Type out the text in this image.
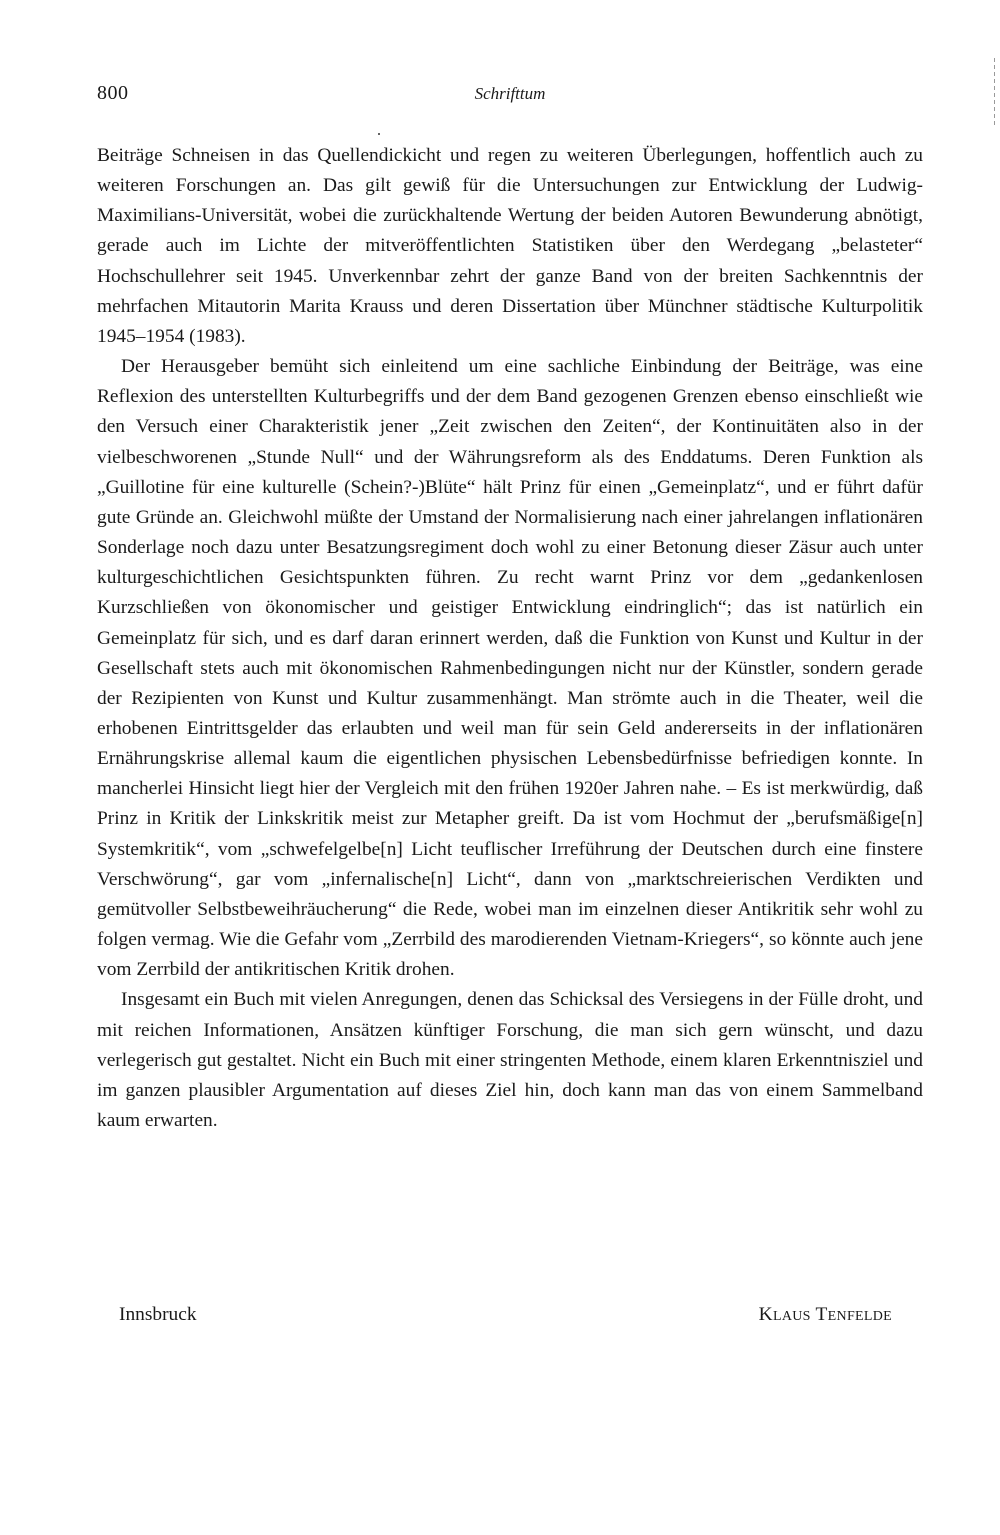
800	Schrifttum

Beiträge Schneisen in das Quellendickicht und regen zu weiteren Überlegungen, hoffentlich auch zu weiteren Forschungen an. Das gilt gewiß für die Untersuchungen zur Entwicklung der Ludwig-Maximilians-Universität, wobei die zurückhaltende Wertung der beiden Autoren Bewunderung abnötigt, gerade auch im Lichte der mitveröffentlichten Statistiken über den Werdegang „belasteter“ Hochschullehrer seit 1945. Unverkennbar zehrt der ganze Band von der breiten Sachkenntnis der mehrfachen Mitautorin Marita Krauss und deren Dissertation über Münchner städtische Kulturpolitik 1945–1954 (1983).

Der Herausgeber bemüht sich einleitend um eine sachliche Einbindung der Beiträge, was eine Reflexion des unterstellten Kulturbegriffs und der dem Band gezogenen Grenzen ebenso einschließt wie den Versuch einer Charakteristik jener „Zeit zwischen den Zeiten“, der Kontinuitäten also in der vielbeschworenen „Stunde Null“ und der Währungsreform als des Enddatums. Deren Funktion als „Guillotine für eine kulturelle (Schein?-)Blüte“ hält Prinz für einen „Gemeinplatz“, und er führt dafür gute Gründe an. Gleichwohl müßte der Umstand der Normalisierung nach einer jahrelangen inflationären Sonderlage noch dazu unter Besatzungsregiment doch wohl zu einer Betonung dieser Zäsur auch unter kulturgeschichtlichen Gesichtspunkten führen. Zu recht warnt Prinz vor dem „gedankenlosen Kurzschließen von ökonomischer und geistiger Entwicklung eindringlich“; das ist natürlich ein Gemeinplatz für sich, und es darf daran erinnert werden, daß die Funktion von Kunst und Kultur in der Gesellschaft stets auch mit ökonomischen Rahmenbedingungen nicht nur der Künstler, sondern gerade der Rezipienten von Kunst und Kultur zusammenhängt. Man strömte auch in die Theater, weil die erhobenen Eintrittsgelder das erlaubten und weil man für sein Geld andererseits in der inflationären Ernährungskrise allemal kaum die eigentlichen physischen Lebensbedürfnisse befriedigen konnte. In mancherlei Hinsicht liegt hier der Vergleich mit den frühen 1920er Jahren nahe. – Es ist merkwürdig, daß Prinz in Kritik der Linkskritik meist zur Metapher greift. Da ist vom Hochmut der „berufsmäßige[n] Systemkritik“, vom „schwefelgelbe[n] Licht teuflischer Irreführung der Deutschen durch eine finstere Verschwörung“, gar vom „infernalische[n] Licht“, dann von „marktschreierischen Verdikten und gemütvoller Selbstbeweihräucherung“ die Rede, wobei man im einzelnen dieser Antikritik sehr wohl zu folgen vermag. Wie die Gefahr vom „Zerrbild des marodierenden Vietnam-Kriegers“, so könnte auch jene vom Zerrbild der antikritischen Kritik drohen.

Insgesamt ein Buch mit vielen Anregungen, denen das Schicksal des Versiegens in der Fülle droht, und mit reichen Informationen, Ansätzen künftiger Forschung, die man sich gern wünscht, und dazu verlegerisch gut gestaltet. Nicht ein Buch mit einer stringenten Methode, einem klaren Erkenntnisziel und im ganzen plausibler Argumentation auf dieses Ziel hin, doch kann man das von einem Sammelband kaum erwarten.

Innsbruck	Klaus Tenfelde
